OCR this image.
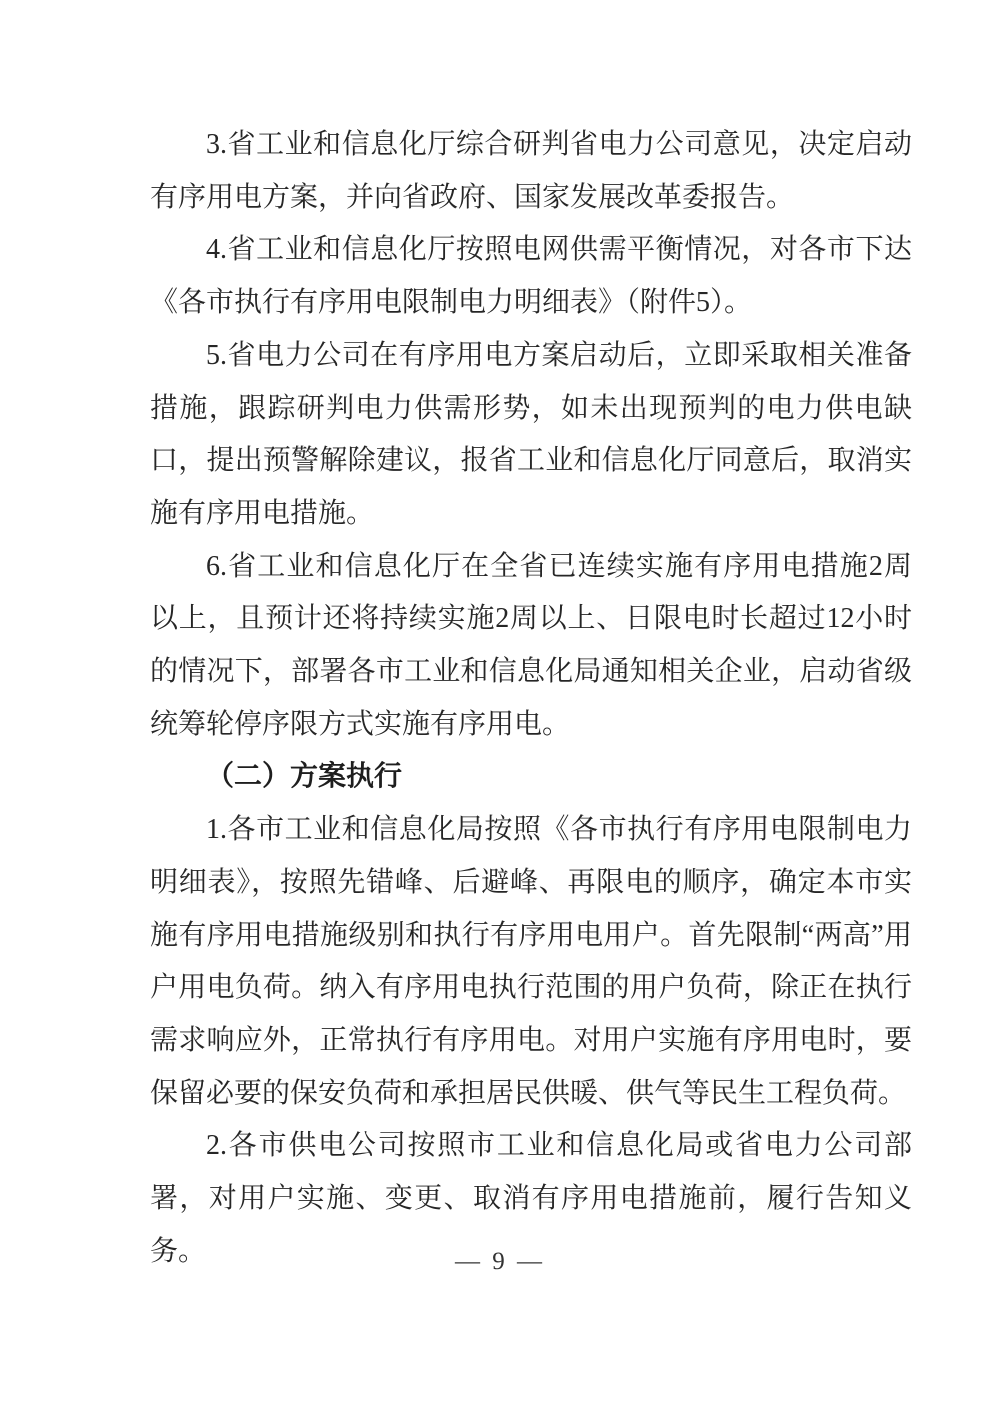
3.省工业和信息化厅综合研判省电力公司意见，决定启动有序用电方案，并向省政府、国家发展改革委报告。

4.省工业和信息化厅按照电网供需平衡情况，对各市下达《各市执行有序用电限制电力明细表》（附件5）。

5.省电力公司在有序用电方案启动后，立即采取相关准备措施，跟踪研判电力供需形势，如未出现预判的电力供电缺口，提出预警解除建议，报省工业和信息化厅同意后，取消实施有序用电措施。

6.省工业和信息化厅在全省已连续实施有序用电措施2周以上，且预计还将持续实施2周以上、日限电时长超过12小时的情况下，部署各市工业和信息化局通知相关企业，启动省级统筹轮停序限方式实施有序用电。

（二）方案执行

1.各市工业和信息化局按照《各市执行有序用电限制电力明细表》，按照先错峰、后避峰、再限电的顺序，确定本市实施有序用电措施级别和执行有序用电用户。首先限制“两高”用户用电负荷。纳入有序用电执行范围的用户负荷，除正在执行需求响应外，正常执行有序用电。对用户实施有序用电时，要保留必要的保安负荷和承担居民供暖、供气等民生工程负荷。

2.各市供电公司按照市工业和信息化局或省电力公司部署，对用户实施、变更、取消有序用电措施前，履行告知义务。	— 9 —
